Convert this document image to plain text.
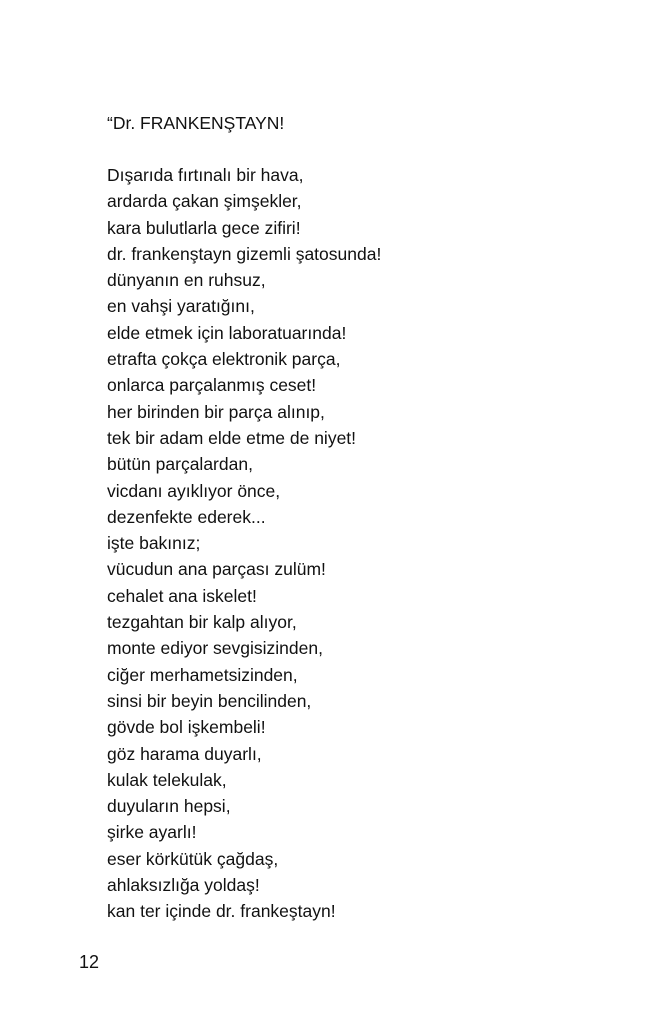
“Dr. FRANKENŞTAYN!

Dışarıda fırtınalı bir hava,

ardarda çakan şimşekler,

kara bulutlarla gece zifiri!

dr. frankenştayn gizemli şatosunda!

dünyanın en ruhsuz,

en vahşi yaratığını,

elde etmek için laboratuarında!

etrafta çokça elektronik parça,

onlarca parçalanmış ceset!

her birinden bir parça alınıp,

tek bir adam elde etme de niyet!

bütün parçalardan,

vicdanı ayıklıyor önce,

dezenfekte ederek...

işte bakınız;

vücudun ana parçası zulüm!

cehalet ana iskelet!

tezgahtan bir kalp alıyor,

monte ediyor sevgisizinden,

ciğer merhametsizinden,

sinsi bir beyin bencilinden,

gövde bol işkembeli!

göz harama duyarlı,

kulak telekulak,

duyuların hepsi,

şirke ayarlı!

eser körkütük çağdaş,

ahlaksızlığa yoldaş!

kan ter içinde dr. frankeştayn!

12
